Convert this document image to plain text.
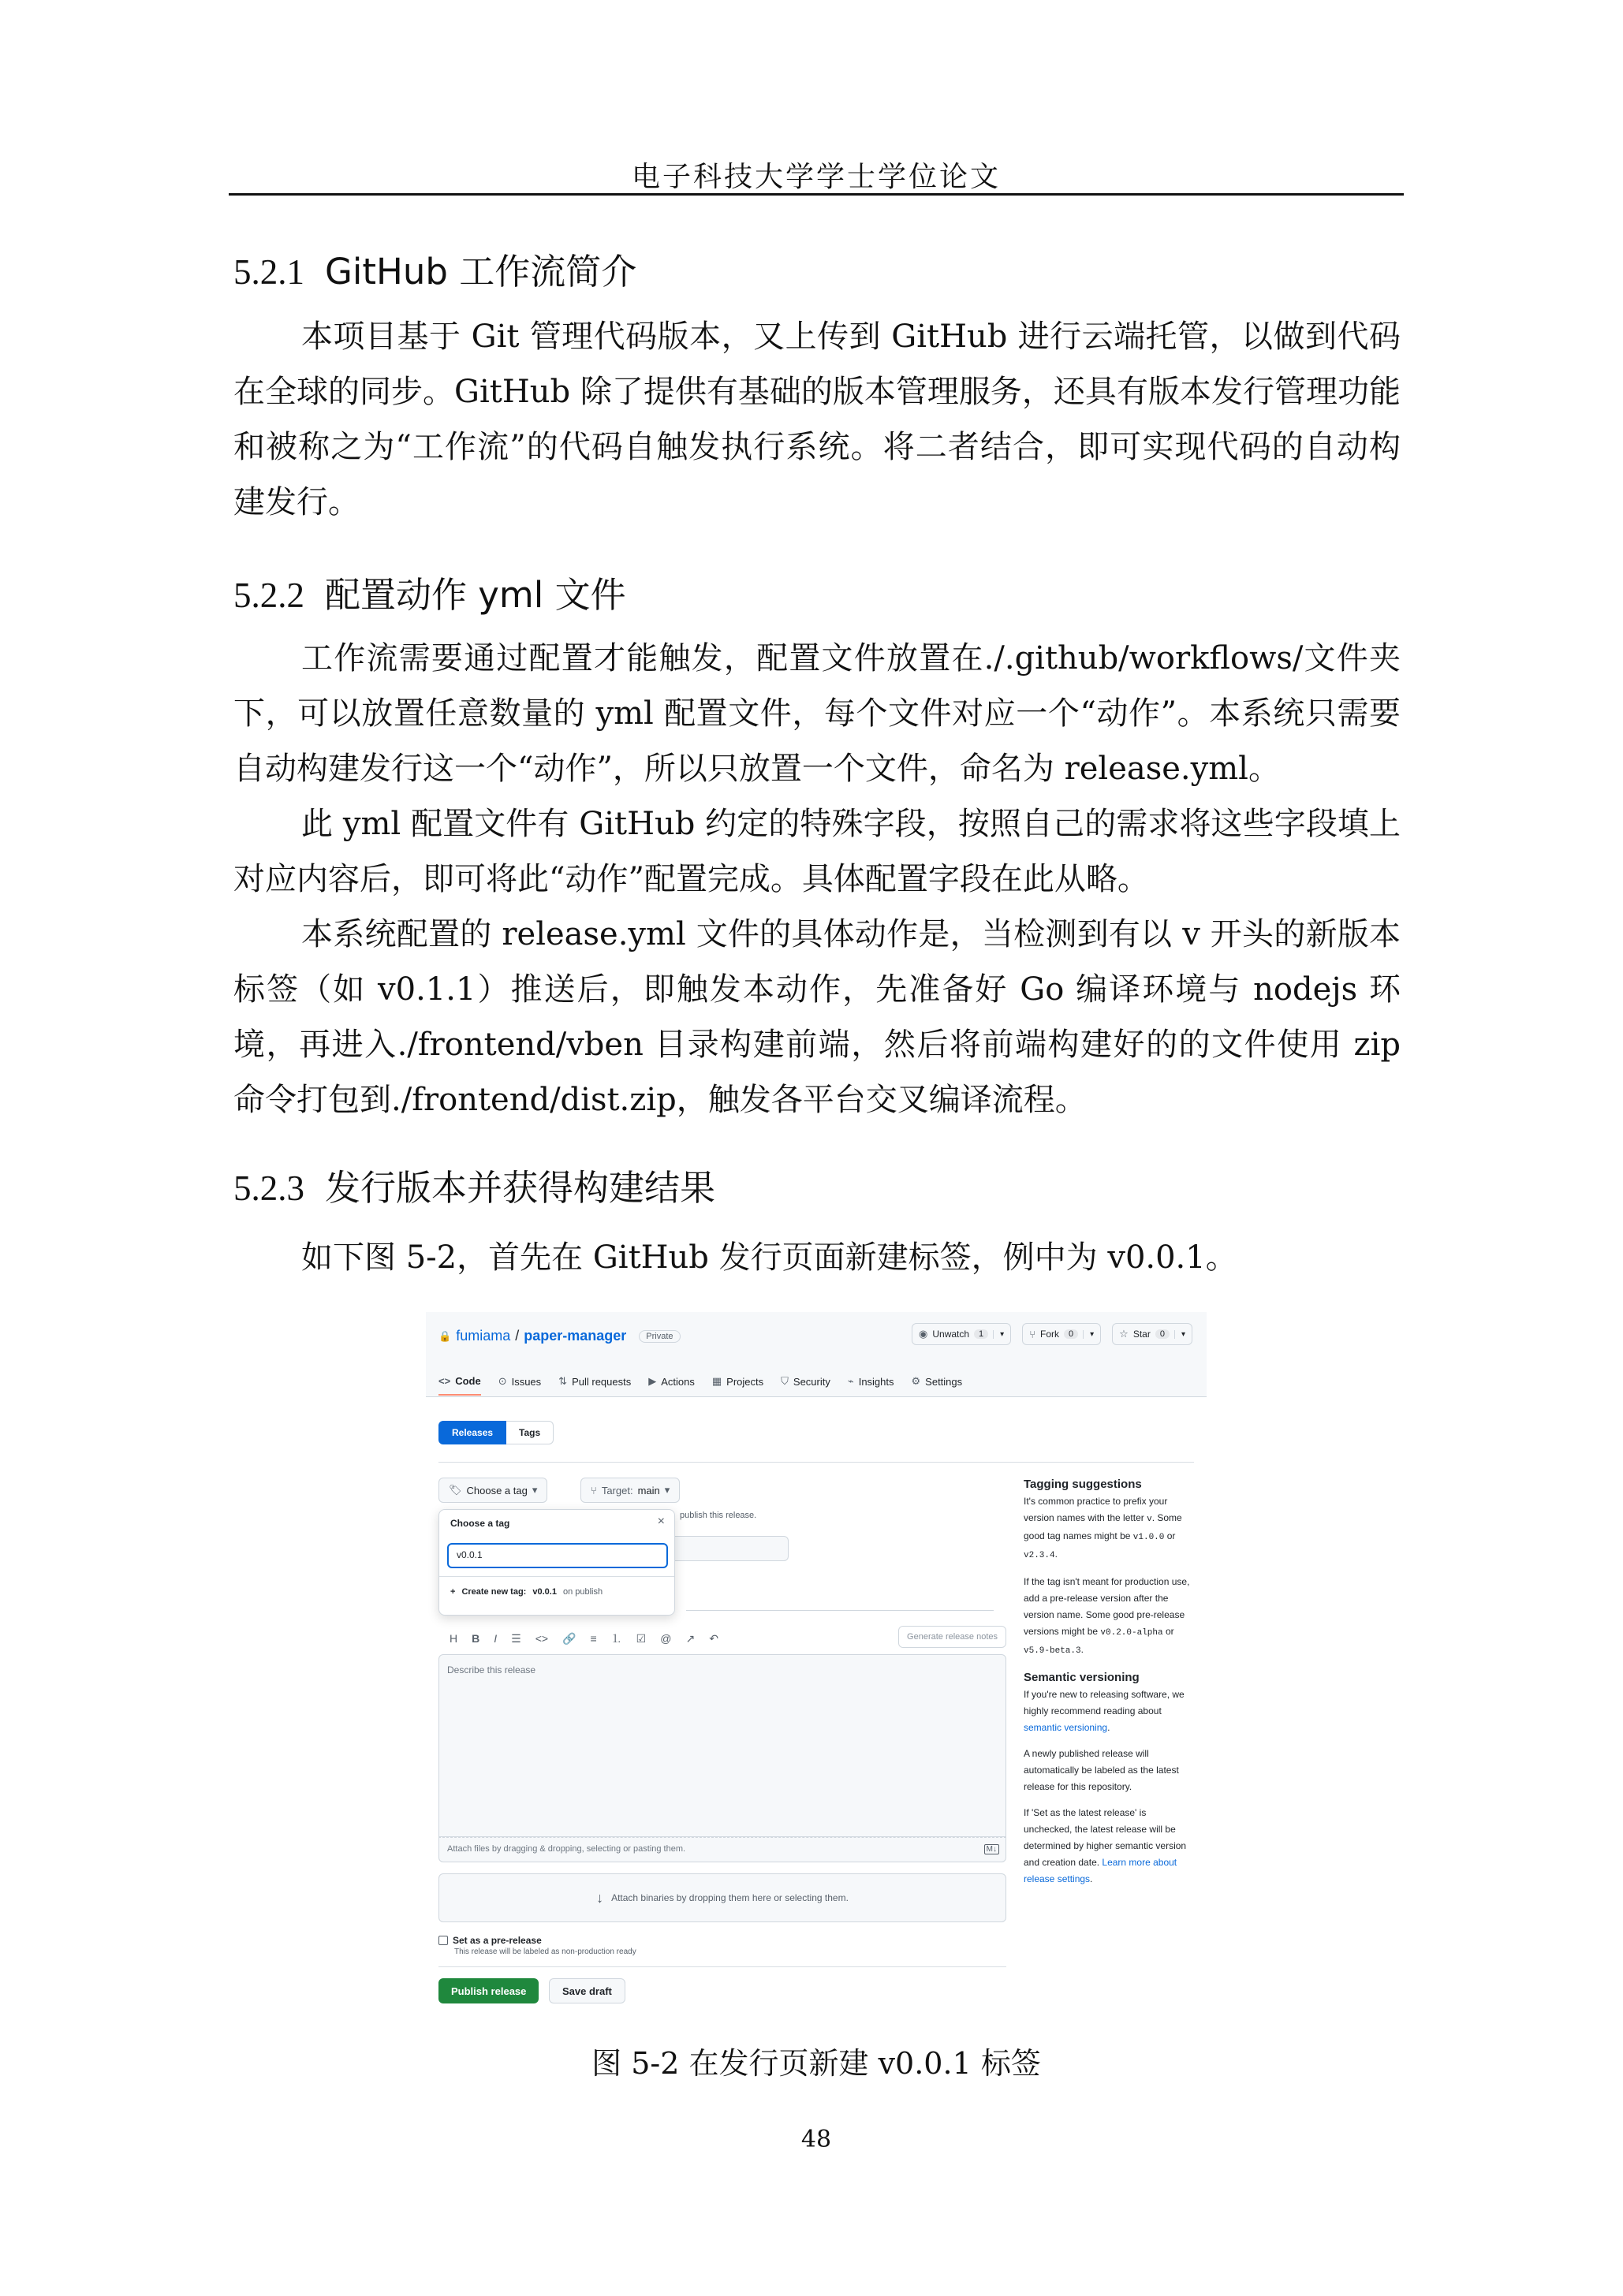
电子科技大学学士学位论文
5.2.1 GitHub 工作流简介

本项目基于 Git 管理代码版本，又上传到 GitHub 进行云端托管，以做到代码在全球的同步。GitHub 除了提供有基础的版本管理服务，还具有版本发行管理功能和被称之为“工作流”的代码自触发执行系统。将二者结合，即可实现代码的自动构建发行。

5.2.2 配置动作 yml 文件

工作流需要通过配置才能触发，配置文件放置在./.github/workflows/文件夹下，可以放置任意数量的 yml 配置文件，每个文件对应一个“动作”。本系统只需要自动构建发行这一个“动作”，所以只放置一个文件，命名为 release.yml。

此 yml 配置文件有 GitHub 约定的特殊字段，按照自己的需求将这些字段填上对应内容后，即可将此“动作”配置完成。具体配置字段在此从略。

本系统配置的 release.yml 文件的具体动作是，当检测到有以 v 开头的新版本标签（如 v0.1.1）推送后，即触发本动作，先准备好 Go 编译环境与 nodejs 环境，再进入./frontend/vben 目录构建前端，然后将前端构建好的的文件使用 zip 命令打包到./frontend/dist.zip，触发各平台交叉编译流程。

5.2.3 发行版本并获得构建结果

如下图 5-2，首先在 GitHub 发行页面新建标签，例中为 v0.0.1。

🔒 fumiama / paper-manager	Private	◉ Unwatch	1	▾ ⑂ Fork	0	▾ ☆ Star	0	▾
<> Code ⊙ Issues ⇅ Pull requests ▶ Actions ▦ Projects ⛉ Security ⌁ Insights ⚙ Settings
Releases	Tags
🏷 Choose a tag ▾	⑂ Target: main ▾
publish this release.
H B I ☰ <> 🔗 ≡ ⒈ ☑ @ ↗ ↶	Generate release notes
Describe this release
Attach files by dragging & dropping, selecting or pasting them.	M↓
↓ Attach binaries by dropping them here or selecting them.
Set as a pre-release
This release will be labeled as non-production ready
Publish release	Save draft
Choose a tag	×
v0.0.1
+ Create new tag: v0.0.1 on publish
Tagging suggestions

It's common practice to prefix your version names with the letter v. Some good tag names might be v1.0.0 or v2.3.4.

If the tag isn't meant for production use, add a pre-release version after the version name. Some good pre-release versions might be v0.2.0-alpha or v5.9-beta.3.

Semantic versioning

If you're new to releasing software, we highly recommend reading about semantic versioning.

A newly published release will automatically be labeled as the latest release for this repository.

If 'Set as the latest release' is unchecked, the latest release will be determined by higher semantic version and creation date. Learn more about release settings.

图 5-2 在发行页新建 v0.0.1 标签
48
